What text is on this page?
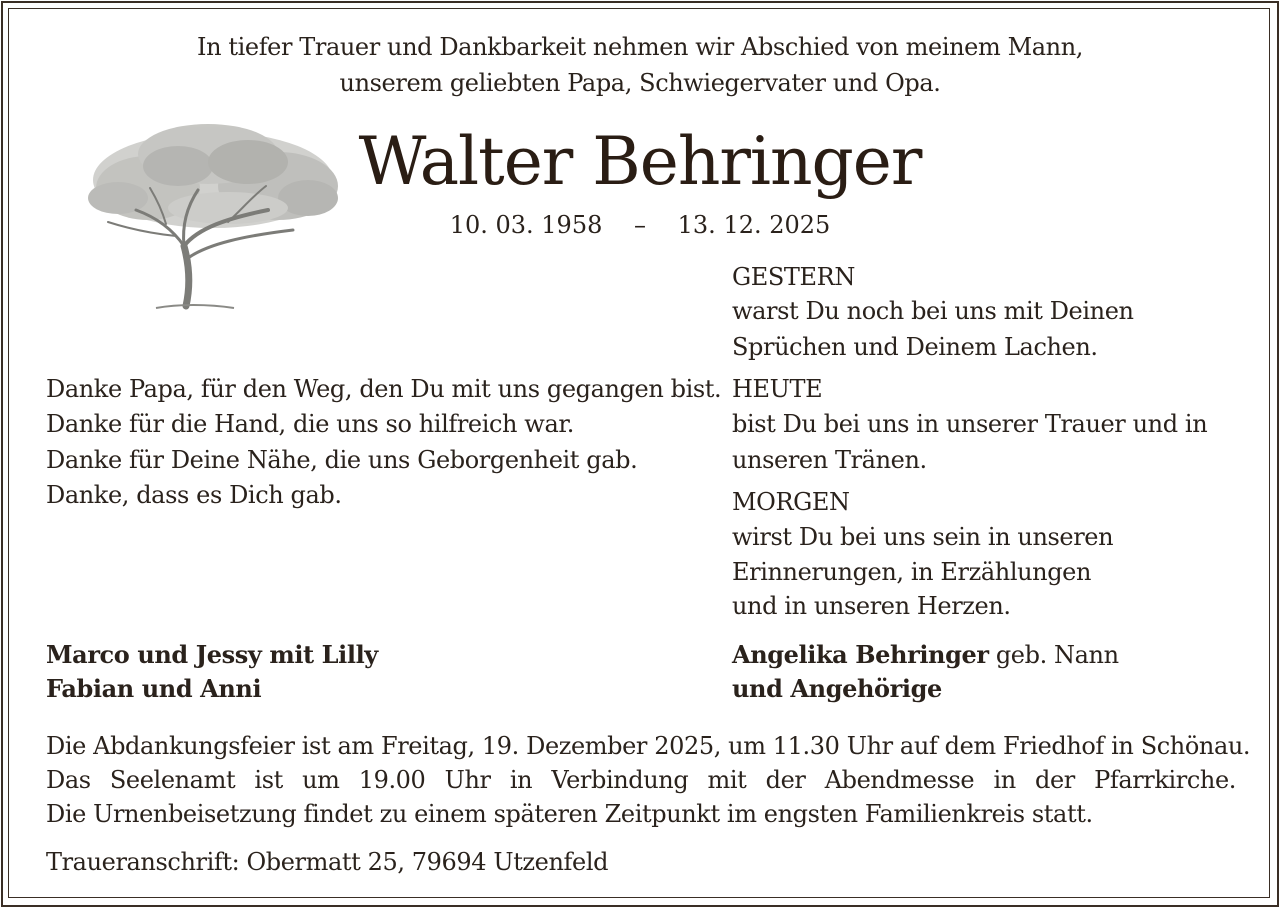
In tiefer Trauer und Dankbarkeit nehmen wir Abschied von meinem Mann,
unserem geliebten Papa, Schwiegervater und Opa.
Walter Behringer
10. 03. 1958 – 13. 12. 2025
GESTERN
warst Du noch bei uns mit Deinen
Sprüchen und Deinem Lachen.
HEUTE
bist Du bei uns in unserer Trauer und in
unseren Tränen.
MORGEN
wirst Du bei uns sein in unseren
Erinnerungen, in Erzählungen
und in unseren Herzen.
Danke Papa, für den Weg, den Du mit uns gegangen bist.
Danke für die Hand, die uns so hilfreich war.
Danke für Deine Nähe, die uns Geborgenheit gab.
Danke, dass es Dich gab.
Marco und Jessy mit Lilly
Fabian und Anni
Angelika Behringer geb. Nann
und Angehörige
Die Abdankungsfeier ist am Freitag, 19. Dezember 2025, um 11.30 Uhr auf dem Friedhof in Schönau.
Das Seelenamt ist um 19.00 Uhr in Verbindung mit der Abendmesse in der Pfarrkirche.
Die Urnenbeisetzung findet zu einem späteren Zeitpunkt im engsten Familienkreis statt.
Traueranschrift: Obermatt 25, 79694 Utzenfeld
